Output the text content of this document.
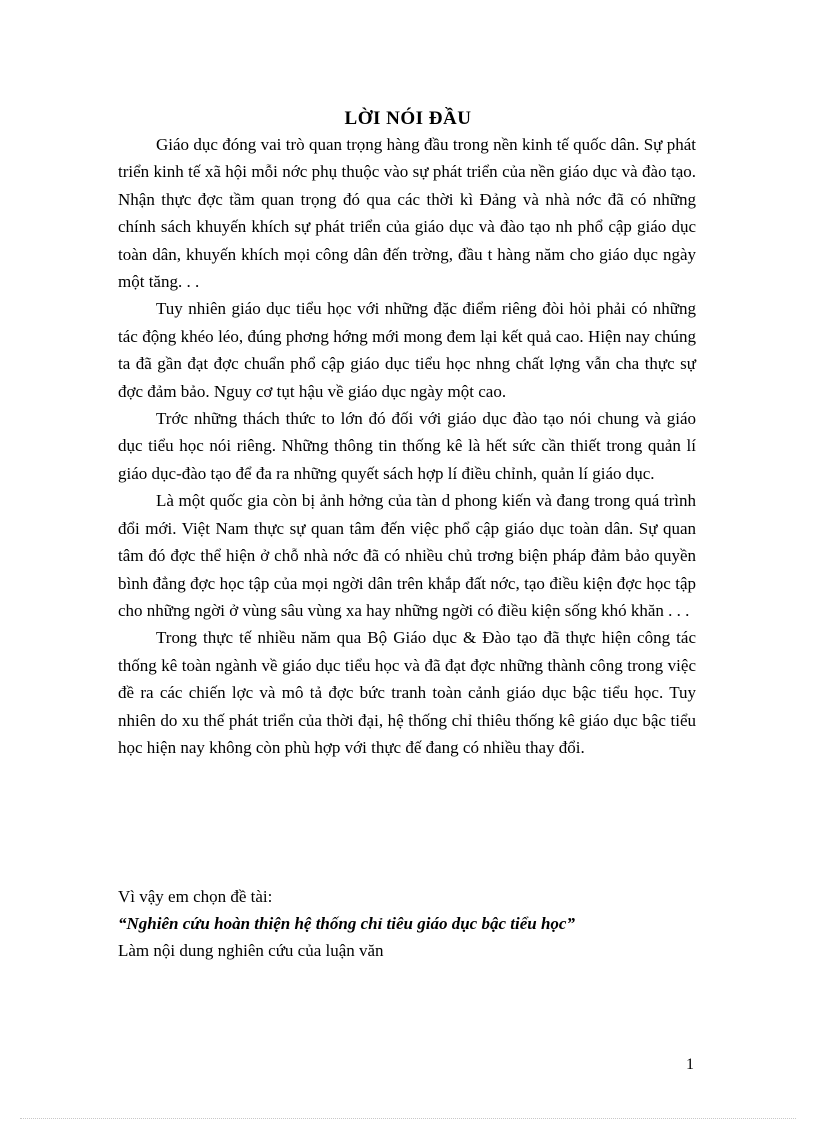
LỜI NÓI ĐẦU

Giáo dục đóng vai trò quan trọng hàng đầu trong nền kinh tế quốc dân. Sự phát triển kinh tế xã hội mỗi nớc phụ thuộc vào sự phát triển của nền giáo dục và đào tạo. Nhận thực đợc tầm quan trọng đó qua các thời kì Đảng và nhà nớc đã có những chính sách khuyến khích sự phát triển của giáo dục và đào tạo nh phổ cập giáo dục toàn dân, khuyến khích mọi công dân đến trờng, đầu t hàng năm cho giáo dục ngày một tăng. . .

Tuy nhiên giáo dục tiểu học với những đặc điểm riêng đòi hỏi phải có những tác động khéo léo, đúng phơng hớng mới mong đem lại kết quả cao. Hiện nay chúng ta đã gần đạt đợc chuẩn phổ cập giáo dục tiểu học nhng chất lợng vẫn cha thực sự đợc đảm bảo. Nguy cơ tụt hậu về giáo dục ngày một cao.

Trớc những thách thức to lớn đó đối với giáo dục đào tạo nói chung và giáo dục tiểu học nói riêng. Những thông tin thống kê là hết sức cần thiết trong quản lí giáo dục-đào tạo để đa ra những quyết sách hợp lí điều chỉnh, quản lí giáo dục.

Là một quốc gia còn bị ảnh hởng của tàn d phong kiến và đang trong quá trình đổi mới. Việt Nam thực sự quan tâm đến việc phổ cập giáo dục toàn dân. Sự quan tâm đó đợc thể hiện ở chỗ nhà nớc đã có nhiều chủ trơng biện pháp đảm bảo quyền bình đẳng đợc học tập của mọi ngời dân trên khắp đất nớc, tạo điều kiện đợc học tập cho những ngời ở vùng sâu vùng xa hay những ngời có điều kiện sống khó khăn . . .

Trong thực tế nhiều năm qua Bộ Giáo dục & Đào tạo đã thực hiện công tác thống kê toàn ngành về giáo dục tiểu học và đã đạt đợc những thành công trong việc đề ra các chiến lợc và mô tả đợc bức tranh toàn cảnh giáo dục bậc tiểu học. Tuy nhiên do xu thế phát triển của thời đại, hệ thống chỉ thiêu thống kê giáo dục bậc tiểu học hiện nay không còn phù hợp với thực đế đang có nhiều thay đổi.

Vì vậy em chọn đề tài:
“Nghiên cứu hoàn thiện hệ thống chỉ tiêu giáo dục bậc tiểu học”
Làm nội dung nghiên cứu của luận văn
1
